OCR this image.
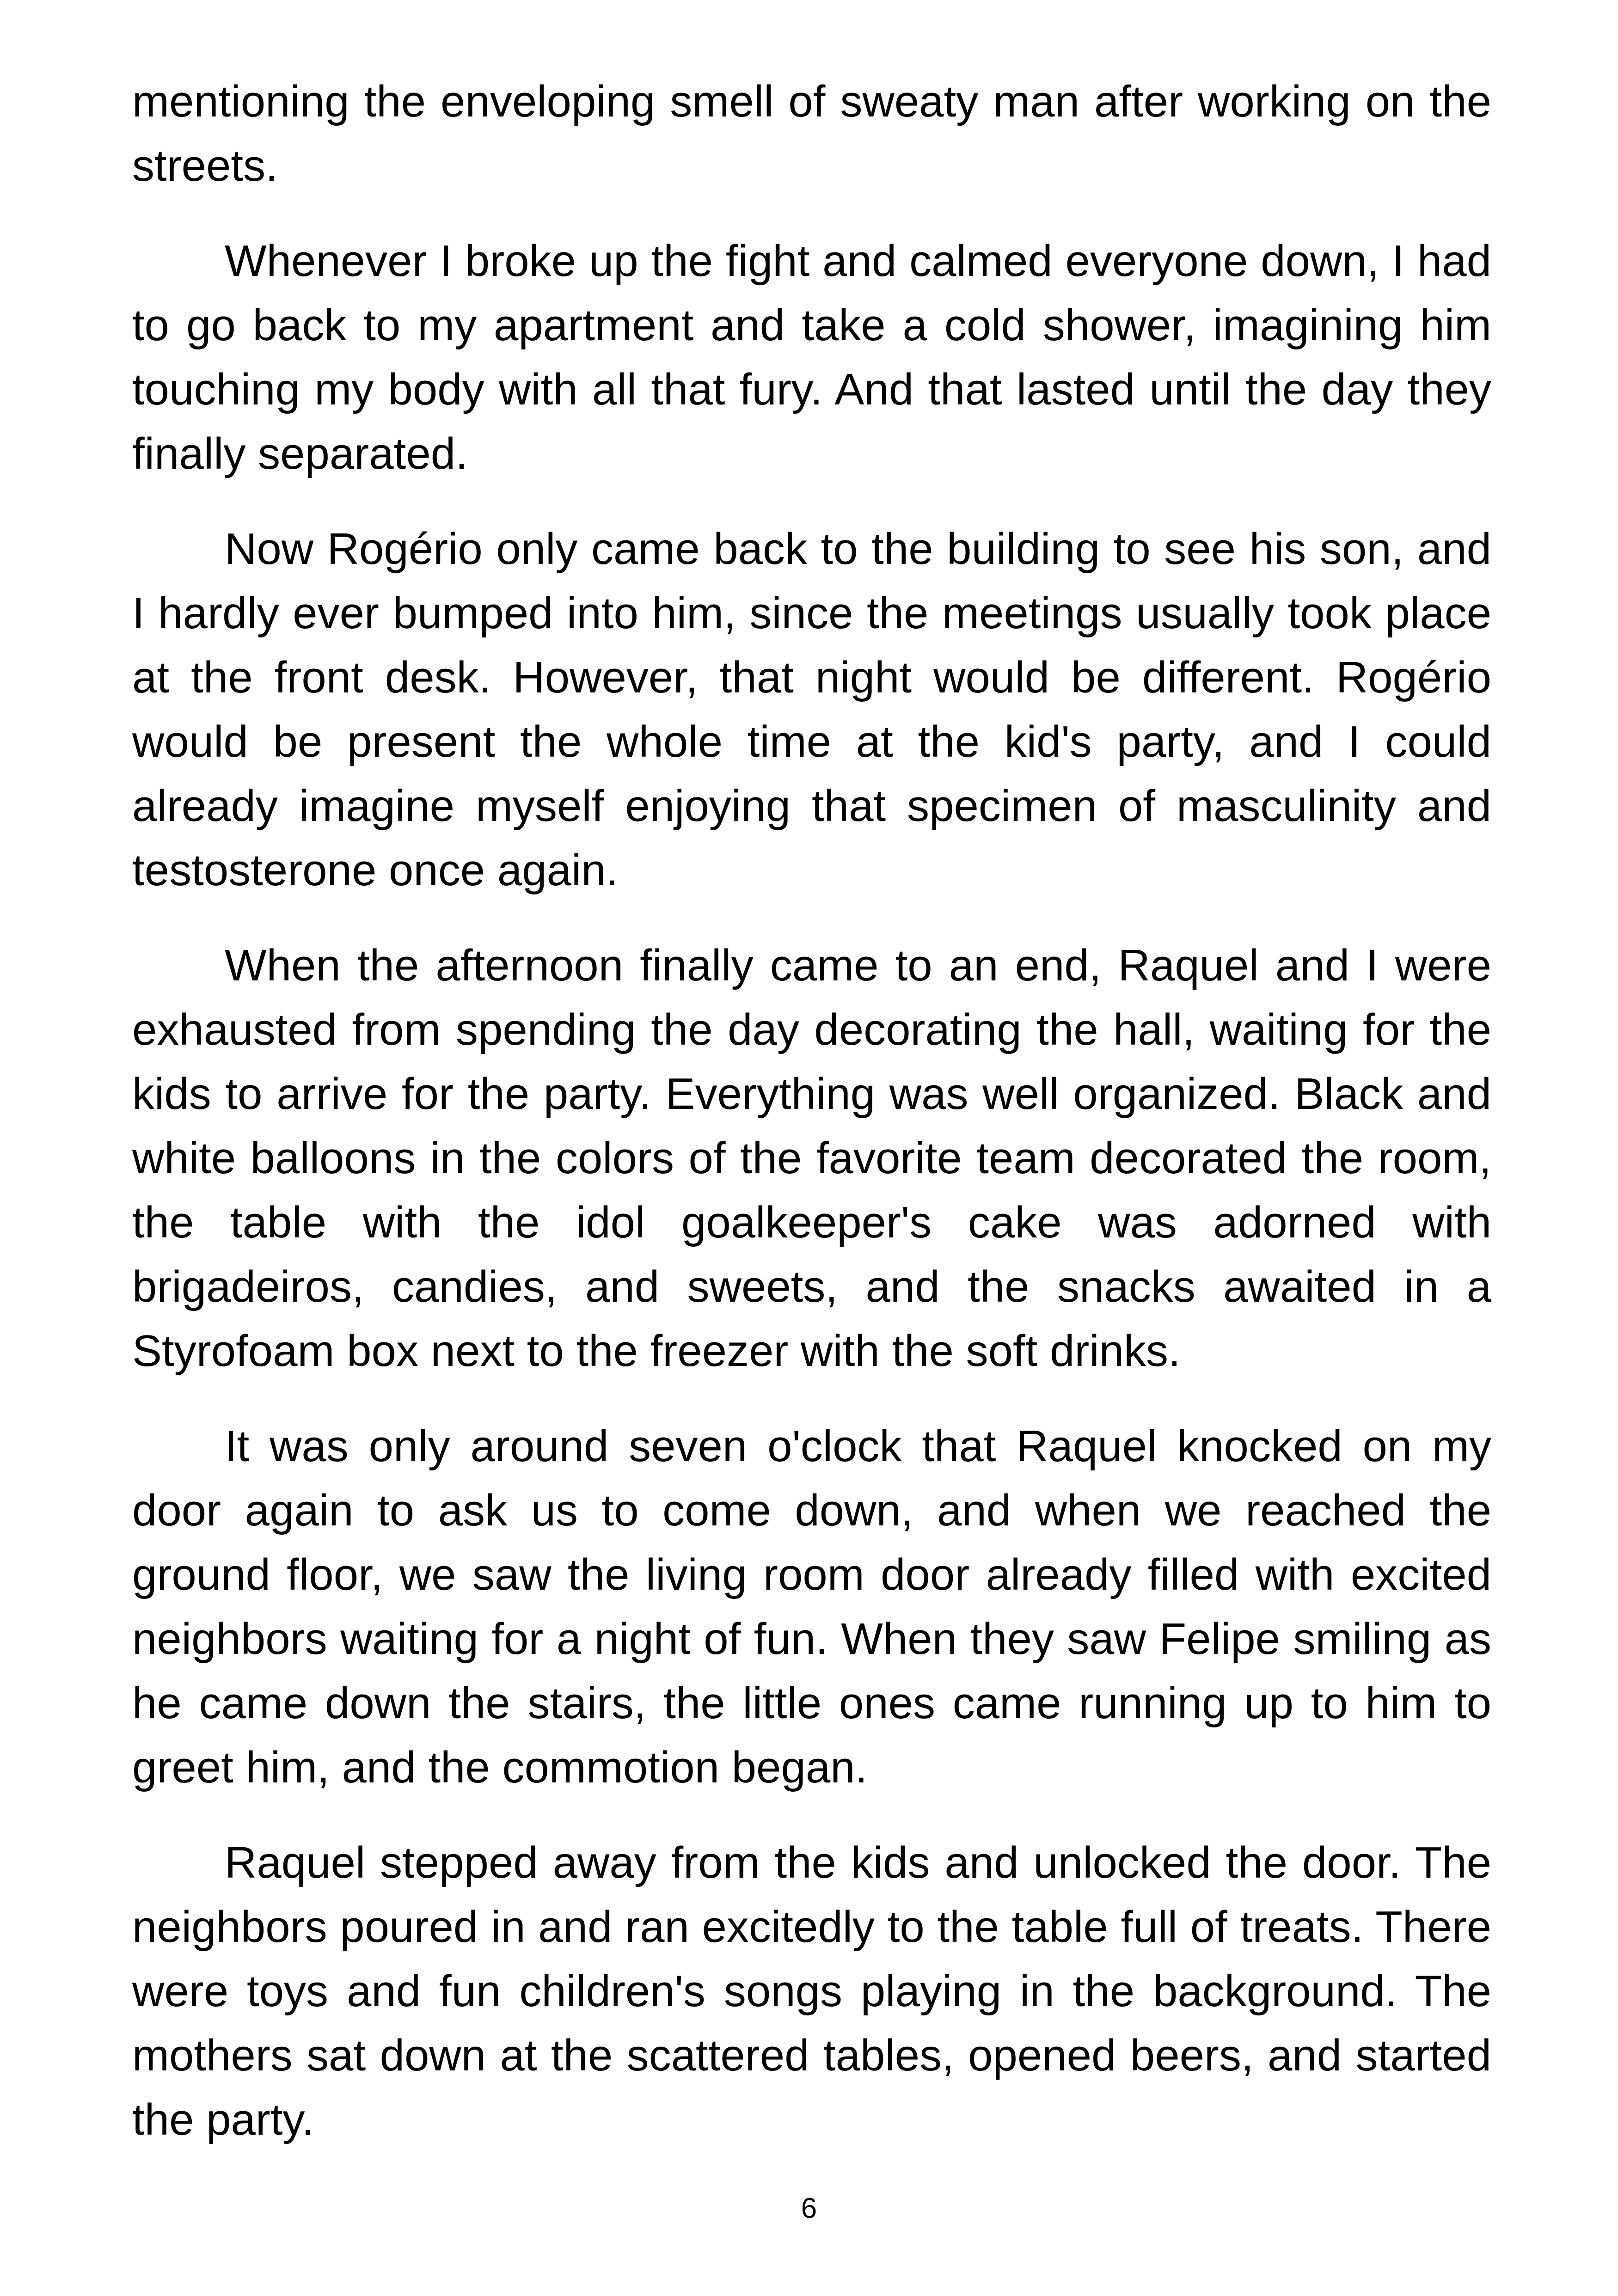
mentioning the enveloping smell of sweaty man after working on the streets.

Whenever I broke up the fight and calmed everyone down, I had to go back to my apartment and take a cold shower, imagining him touching my body with all that fury. And that lasted until the day they finally separated.

Now Rogério only came back to the building to see his son, and I hardly ever bumped into him, since the meetings usually took place at the front desk. However, that night would be different. Rogério would be present the whole time at the kid's party, and I could already imagine myself enjoying that specimen of masculinity and testosterone once again.

When the afternoon finally came to an end, Raquel and I were exhausted from spending the day decorating the hall, waiting for the kids to arrive for the party. Everything was well organized. Black and white balloons in the colors of the favorite team decorated the room, the table with the idol goalkeeper's cake was adorned with brigadeiros, candies, and sweets, and the snacks awaited in a Styrofoam box next to the freezer with the soft drinks.

It was only around seven o'clock that Raquel knocked on my door again to ask us to come down, and when we reached the ground floor, we saw the living room door already filled with excited neighbors waiting for a night of fun. When they saw Felipe smiling as he came down the stairs, the little ones came running up to him to greet him, and the commotion began.

Raquel stepped away from the kids and unlocked the door. The neighbors poured in and ran excitedly to the table full of treats. There were toys and fun children's songs playing in the background. The mothers sat down at the scattered tables, opened beers, and started the party.

6
